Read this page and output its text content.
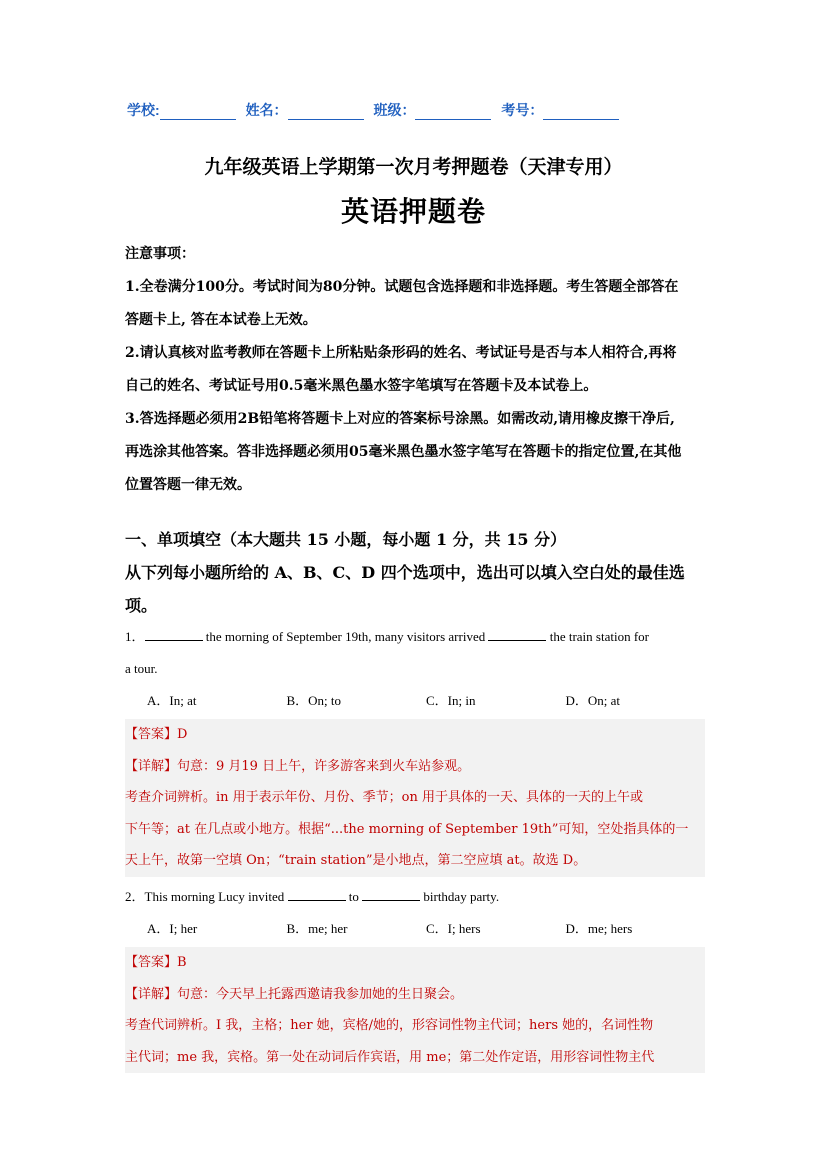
学校:	姓名：	班级：	考号：
九年级英语上学期第一次月考押题卷（天津专用）
英语押题卷

注意事项：

1.全卷满分100分。考试时间为80分钟。试题包含选择题和非选择题。考生答题全部答在

答题卡上, 答在本试卷上无效。

2.请认真核对监考教师在答题卡上所粘贴条形码的姓名、考试证号是否与本人相符合,再将

自己的姓名、考试证号用0.5毫米黑色墨水签字笔填写在答题卡及本试卷上。

3.答选择题必须用2B铅笔将答题卡上对应的答案标号涂黑。如需改动,请用橡皮擦干净后,

再选涂其他答案。答非选择题必须用05毫米黑色墨水签字笔写在答题卡的指定位置,在其他

位置答题一律无效。

一、单项填空（本大题共 15 小题，每小题 1 分，共 15 分）

从下列每小题所给的 A、B、C、D 四个选项中，选出可以填入空白处的最佳选

项。

1．	the morning of September 19th, many visitors arrived	the train station for
a tour.
A．In; at	B．On; to	C．In; in	D．On; at

【答案】D

【详解】句意：9 月19 日上午，许多游客来到火车站参观。

考查介词辨析。in 用于表示年份、月份、季节；on 用于具体的一天、具体的一天的上午或

下午等；at 在几点或小地方。根据“...the morning of September 19th”可知，空处指具体的一

天上午，故第一空填 On；“train station”是小地点，第二空应填 at。故选 D。

2．This morning Lucy invited	to	birthday party.
A．I; her	B．me; her	C．I; hers	D．me; hers

【答案】B

【详解】句意：今天早上托露西邀请我参加她的生日聚会。

考查代词辨析。I 我，主格；her 她，宾格/她的，形容词性物主代词；hers 她的，名词性物

主代词；me 我，宾格。第一处在动词后作宾语，用 me；第二处作定语，用形容词性物主代
